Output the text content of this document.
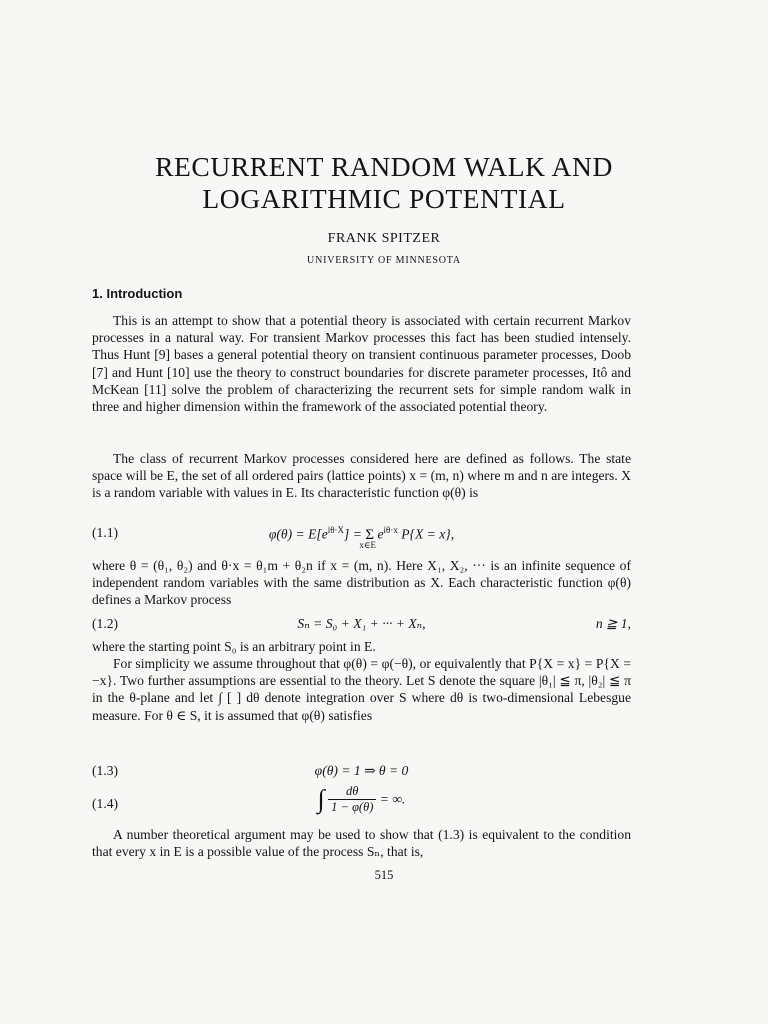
RECURRENT RANDOM WALK AND
LOGARITHMIC POTENTIAL
FRANK SPITZER
UNIVERSITY OF MINNESOTA
1. Introduction
This is an attempt to show that a potential theory is associated with certain recurrent Markov processes in a natural way. For transient Markov processes this fact has been studied intensely. Thus Hunt [9] bases a general potential theory on transient continuous parameter processes, Doob [7] and Hunt [10] use the theory to construct boundaries for discrete parameter processes, Itô and McKean [11] solve the problem of characterizing the recurrent sets for simple random walk in three and higher dimension within the framework of the associated potential theory.
The class of recurrent Markov processes considered here are defined as follows. The state space will be E, the set of all ordered pairs (lattice points) x = (m, n) where m and n are integers. X is a random variable with values in E. Its characteristic function φ(θ) is
(1.1)	$\varphi(\theta) = E[e^{i\theta\cdot X}] = \Sigma$
x∈E
$e^{i\theta\cdot x}$ P{X = x},
where θ = (θ₁, θ₂) and θ·x = θ₁m + θ₂n if x = (m, n). Here X₁, X₂, ··· is an infinite sequence of independent random variables with the same distribution as X. Each characteristic function φ(θ) defines a Markov process
(1.2)	Sₙ = S₀ + X₁ + ··· + Xₙ,	n ≧ 1,
where the starting point S₀ is an arbitrary point in E.
For simplicity we assume throughout that φ(θ) = φ(−θ), or equivalently that P{X = x} = P{X = −x}. Two further assumptions are essential to the theory. Let S denote the square |θ₁| ≦ π, |θ₂| ≦ π in the θ-plane and let ∫ [ ] dθ denote integration over S where dθ is two-dimensional Lebesgue measure. For θ ∈ S, it is assumed that φ(θ) satisfies
(1.3)	φ(θ) = 1 ⇒ θ = 0
(1.4)	∫ $\frac{d\theta}{1 - \varphi(\theta)}$ = ∞.
A number theoretical argument may be used to show that (1.3) is equivalent to the condition that every x in E is a possible value of the process Sₙ, that is,
515
